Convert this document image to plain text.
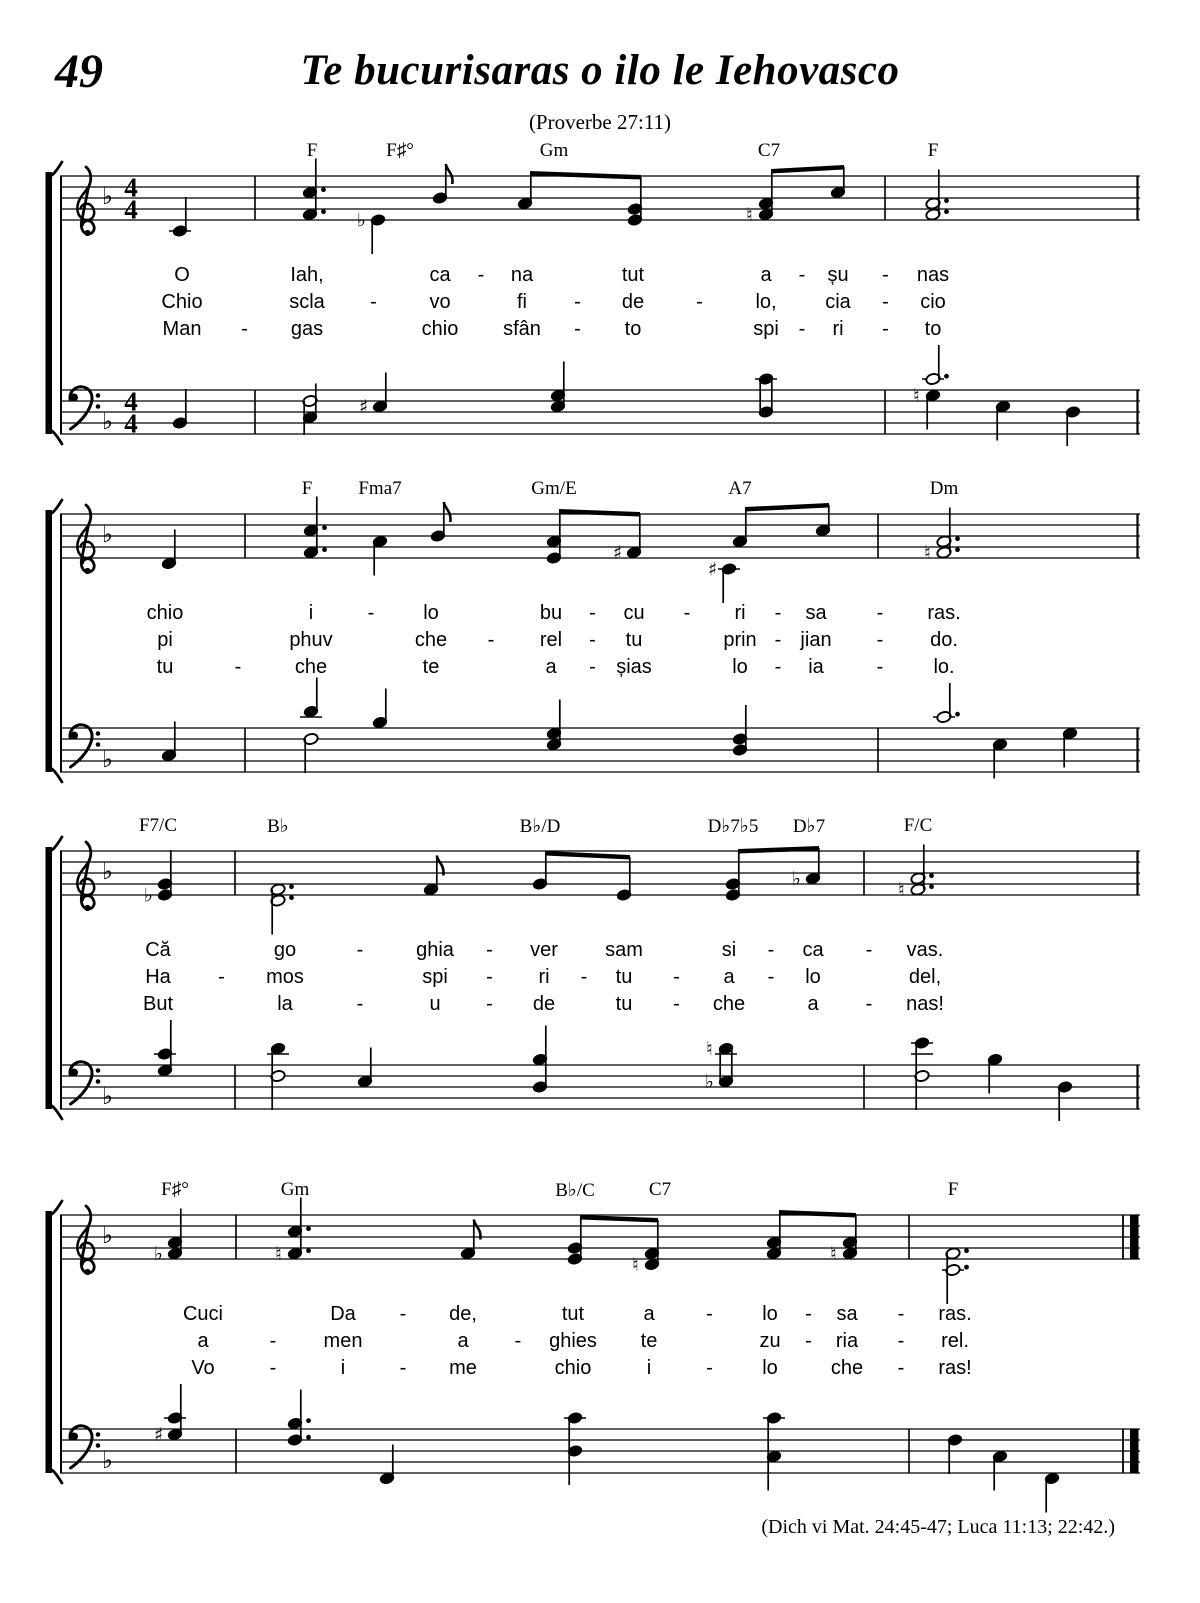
49	Te bucurisaras o ilo le Iehovasco
(Proverbe 27:11)
F	F♯°	Gm	C7	F
♭ 4
4	♭	♮
♭
4
4
♯	♮
O	Iah,	ca	na	tut	a	șu	nas
-	-	-
Chio	scla	vo	fi	de	lo, cia	cio
-	-	-	-
Man	gas	chio sfân	to	spi	ri	to
-	-	-	-
F Fma7	Gm/E	A7	Dm
♭
♯
♯
♮
♭
chio	i	lo	bu	cu	ri	sa	ras.
-	-	-	-	-
pi	phuv	che	rel	tu	prin jian	do.
-	-	-	-
tu	che	te	a	șias	lo	ia	lo.
-	-	-	-
F7/C	B♭	B♭/D	D♭7♭5 D♭7	F/C
♭
♭
♭	♮
♭
♮
♭
Că	go	ghia	ver sam	si	ca	vas.
-	-	-	-
Ha	mos	spi	ri	tu	a	lo	del,
-	-	-	-	-
But	la	u	de	tu	che	a	nas!
-	-	-	-
F♯°	Gm	B♭/C	C7	F
♭
♭	♮	♮	♮
♭
♯
Cuci	Da	de,	tut	a	lo	sa	ras.
-	-	-	-
a	men	a	ghies te	zu	ria	rel.
-	-	-	-
Vo	i	me	chio	i	lo	che	ras!
-	-	-	-
(Dich vi Mat. 24:45-47; Luca 11:13; 22:42.)
